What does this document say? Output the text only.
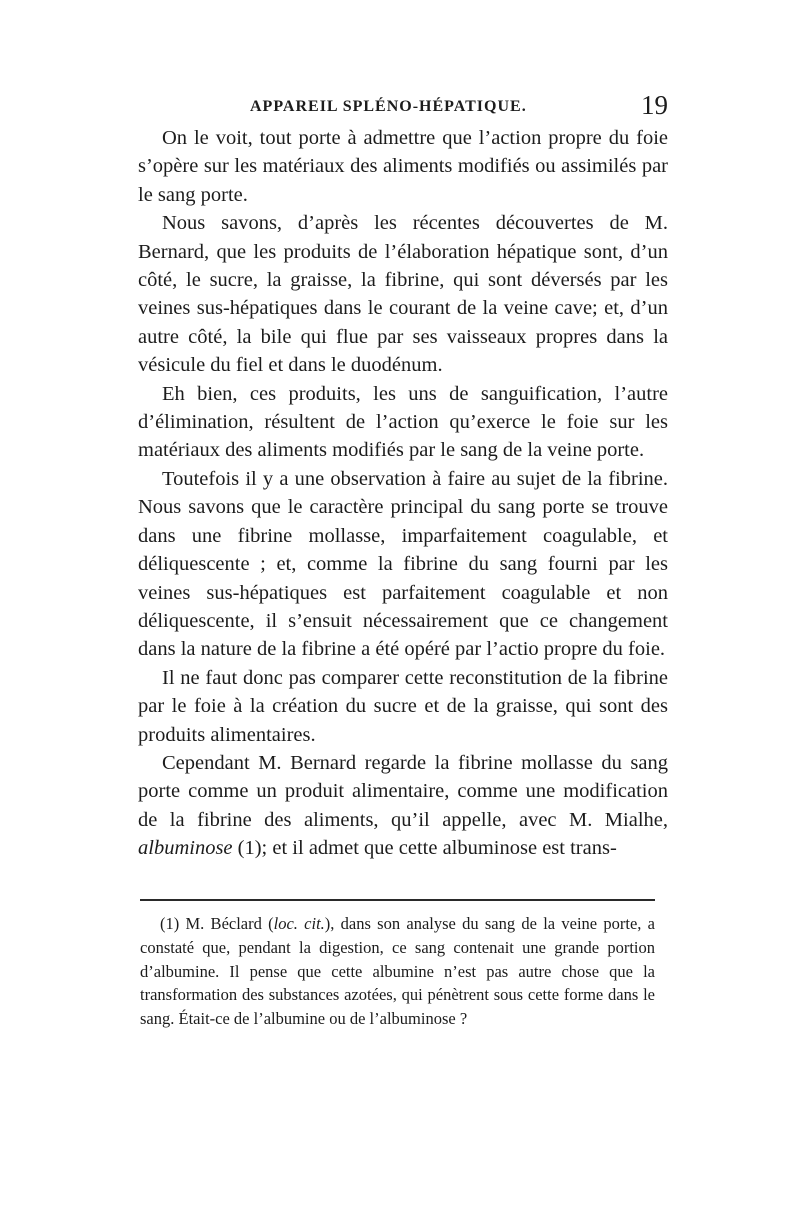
APPAREIL SPLÉNO-HÉPATIQUE.	19

On le voit, tout porte à admettre que l’action propre du foie s’opère sur les matériaux des aliments modifiés ou assimilés par le sang porte.

Nous savons, d’après les récentes découvertes de M. Bernard, que les produits de l’élaboration hépatique sont, d’un côté, le sucre, la graisse, la fibrine, qui sont déversés par les veines sus-hépatiques dans le courant de la veine cave; et, d’un autre côté, la bile qui flue par ses vaisseaux propres dans la vésicule du fiel et dans le duodénum.

Eh bien, ces produits, les uns de sanguification, l’autre d’élimination, résultent de l’action qu’exerce le foie sur les matériaux des aliments modifiés par le sang de la veine porte.

Toutefois il y a une observation à faire au sujet de la fibrine. Nous savons que le caractère principal du sang porte se trouve dans une fibrine mollasse, imparfaitement coagulable, et déliquescente ; et, comme la fibrine du sang fourni par les veines sus-hépatiques est parfaitement coagulable et non déliquescente, il s’ensuit nécessairement que ce changement dans la nature de la fibrine a été opéré par l’actio propre du foie.

Il ne faut donc pas comparer cette reconstitution de la fibrine par le foie à la création du sucre et de la graisse, qui sont des produits alimentaires.

Cependant M. Bernard regarde la fibrine mollasse du sang porte comme un produit alimentaire, comme une modification de la fibrine des aliments, qu’il appelle, avec M. Mialhe, albuminose (1); et il admet que cette albuminose est trans-

(1) M. Béclard (loc. cit.), dans son analyse du sang de la veine porte, a constaté que, pendant la digestion, ce sang contenait une grande portion d’albumine. Il pense que cette albumine n’est pas autre chose que la transformation des substances azotées, qui pénètrent sous cette forme dans le sang. Était-ce de l’albumine ou de l’albuminose ?
